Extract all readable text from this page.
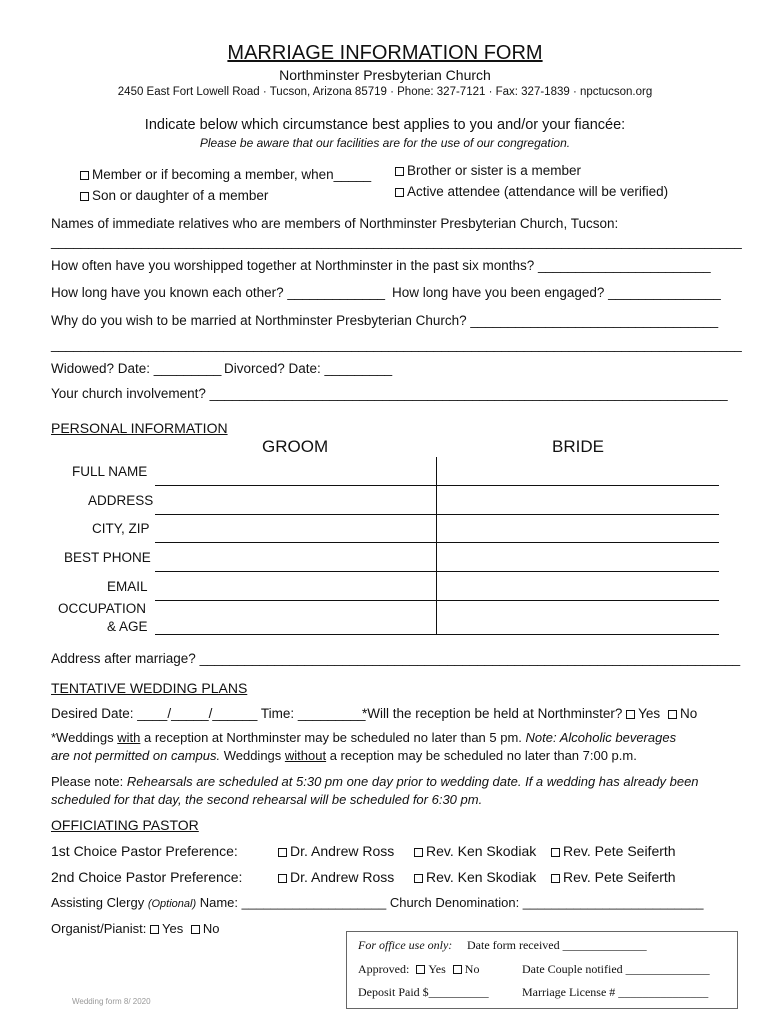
MARRIAGE INFORMATION FORM
Northminster Presbyterian Church
2450 East Fort Lowell Road · Tucson, Arizona 85719 · Phone: 327-7121 · Fax: 327-1839 · npctucson.org
Indicate below which circumstance best applies to you and/or your fiancée:
Please be aware that our facilities are for the use of our congregation.
Member or if becoming a member, when_____
Son or daughter of a member
Brother or sister is a member
Active attendee (attendance will be verified)
Names of immediate relatives who are members of Northminster Presbyterian Church, Tucson:
____________________________________________________________________________________________
How often have you worshipped together at Northminster in the past six months? _______________________
How long have you known each other? _____________ How long have you been engaged? _______________
Why do you wish to be married at Northminster Presbyterian Church? _________________________________
____________________________________________________________________________________________
Widowed? Date: _________ Divorced? Date: _________
Your church involvement? _____________________________________________________________________
PERSONAL INFORMATION
GROOM	BRIDE
FULL NAME
ADDRESS
CITY, ZIP
BEST PHONE
EMAIL
OCCUPATION
& AGE
Address after marriage? ________________________________________________________________________
TENTATIVE WEDDING PLANS
Desired Date: ____/_____/______ Time: _________
*Will the reception be held at Northminster? Yes No
*Weddings with a reception at Northminster may be scheduled no later than 5 pm. Note: Alcoholic beverages
are not permitted on campus. Weddings without a reception may be scheduled no later than 7:00 p.m.
Please note: Rehearsals are scheduled at 5:30 pm one day prior to wedding date. If a wedding has already been
scheduled for that day, the second rehearsal will be scheduled for 6:30 pm.
OFFICIATING PASTOR
1st Choice Pastor Preference:	Dr. Andrew Ross	Rev. Ken Skodiak	Rev. Pete Seiferth
2nd Choice Pastor Preference:	Dr. Andrew Ross	Rev. Ken Skodiak	Rev. Pete Seiferth
Assisting Clergy (Optional) Name: ____________________ Church Denomination: _________________________
Organist/Pianist: Yes No
For office use only: Date form received ______________
Approved: Yes No	Date Couple notified ______________
Deposit Paid $__________	Marriage License # _______________
Wedding form 8/ 2020
